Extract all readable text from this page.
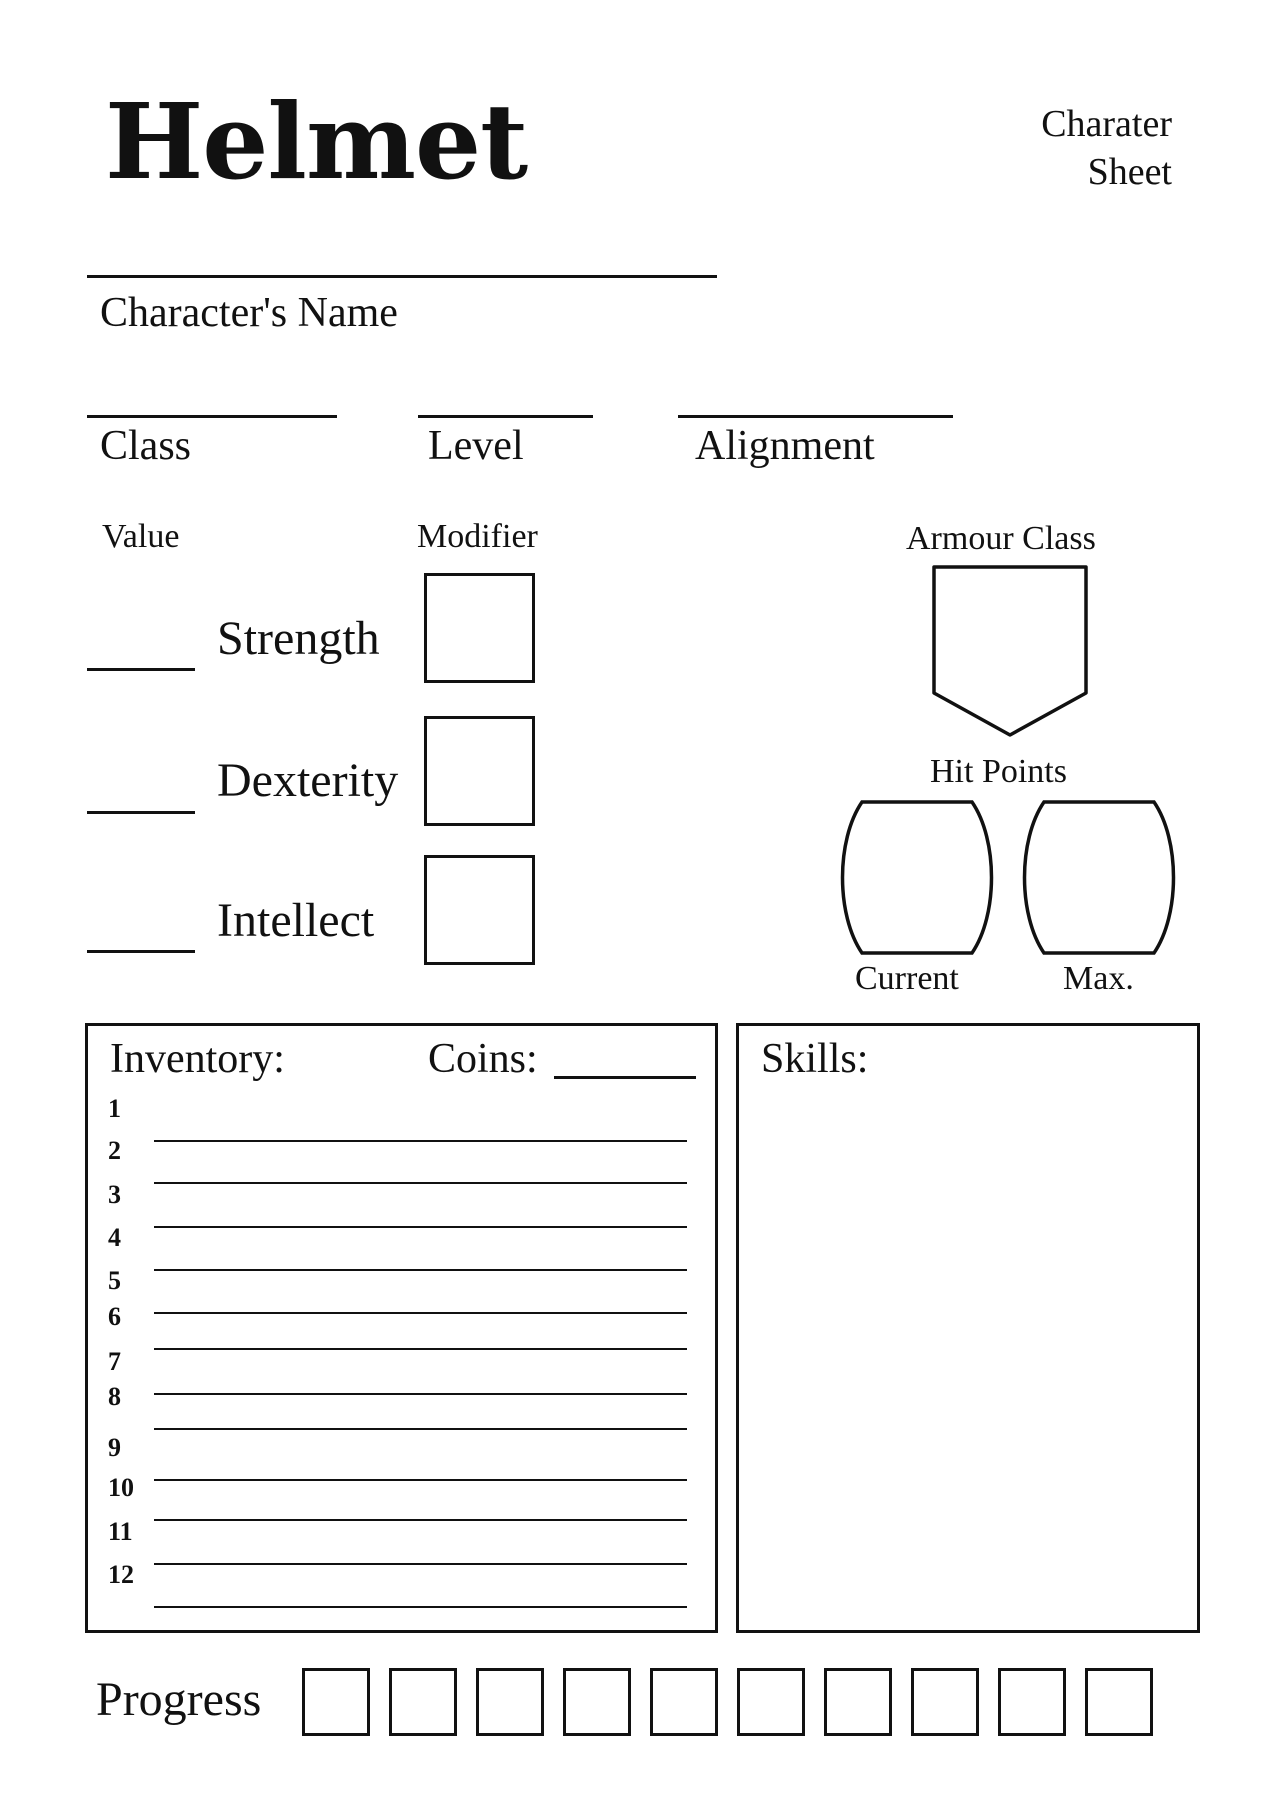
Helmet	Charater
Sheet
Character's Name
Class	Level	Alignment
Value	Modifier
Strength
Dexterity
Intellect
Armour Class
Hit Points
Current	Max.
Inventory:	Coins:
1
2
3
4
5
6
7
8
9
10
11
12
Skills:
Progress
